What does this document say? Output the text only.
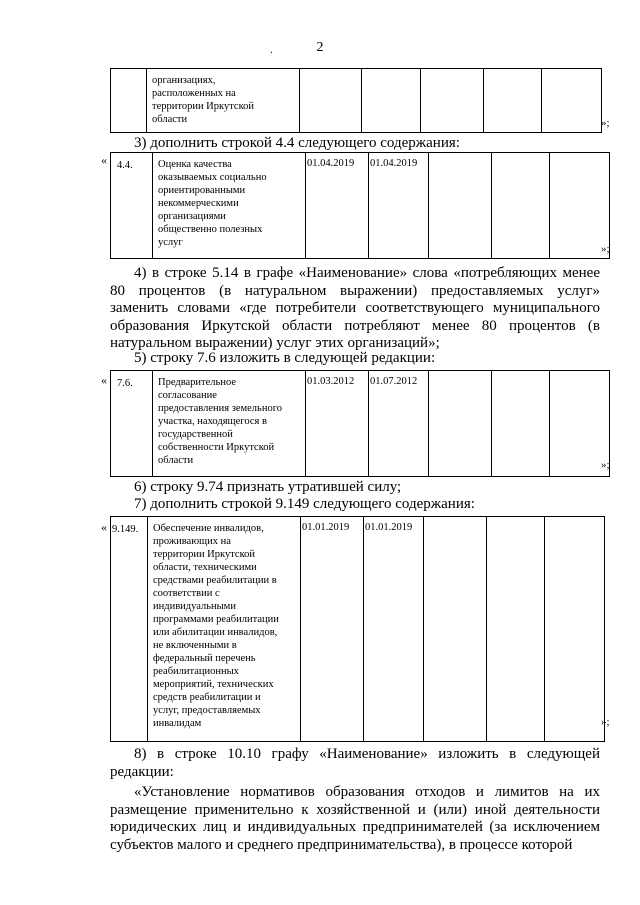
2
.
	организациях,
расположенных на
территории Иркутской
области						»;
3) дополнить строкой 4.4 следующего содержания:
« 4.4.	Оценка качества
оказываемых социально
ориентированными
некоммерческими
организациями
общественно полезных
услуг	01.04.2019	01.04.2019			
»;
4) в строке 5.14 в графе «Наименование» слова «потребляющих менее 80 процентов (в натуральном выражении) предоставляемых услуг» заменить словами «где потребители соответствующего муниципального образования Иркутской области потребляют менее 80 процентов (в натуральном выражении) услуг этих организаций»;
5) строку 7.6 изложить в следующей редакции:
« 7.6.	Предварительное
согласование
предоставления земельного
участка, находящегося в
государственной
собственности Иркутской
области	01.03.2012	01.07.2012			
»;
6) строку 9.74 признать утратившей силу;
7) дополнить строкой 9.149 следующего содержания:
« 9.149.	Обеспечение инвалидов,
проживающих на
территории Иркутской
области, техническими
средствами реабилитации в
соответствии с
индивидуальными
программами реабилитации
или абилитации инвалидов,
не включенными в
федеральный перечень
реабилитационных
мероприятий, технических
средств реабилитации и
услуг, предоставляемых
инвалидам	01.01.2019	01.01.2019			
»;
8) в строке 10.10 графу «Наименование» изложить в следующей редакции:
«Установление нормативов образования отходов и лимитов на их размещение применительно к хозяйственной и (или) иной деятельности юридических лиц и индивидуальных предпринимателей (за исключением субъектов малого и среднего предпринимательства), в процессе которой
